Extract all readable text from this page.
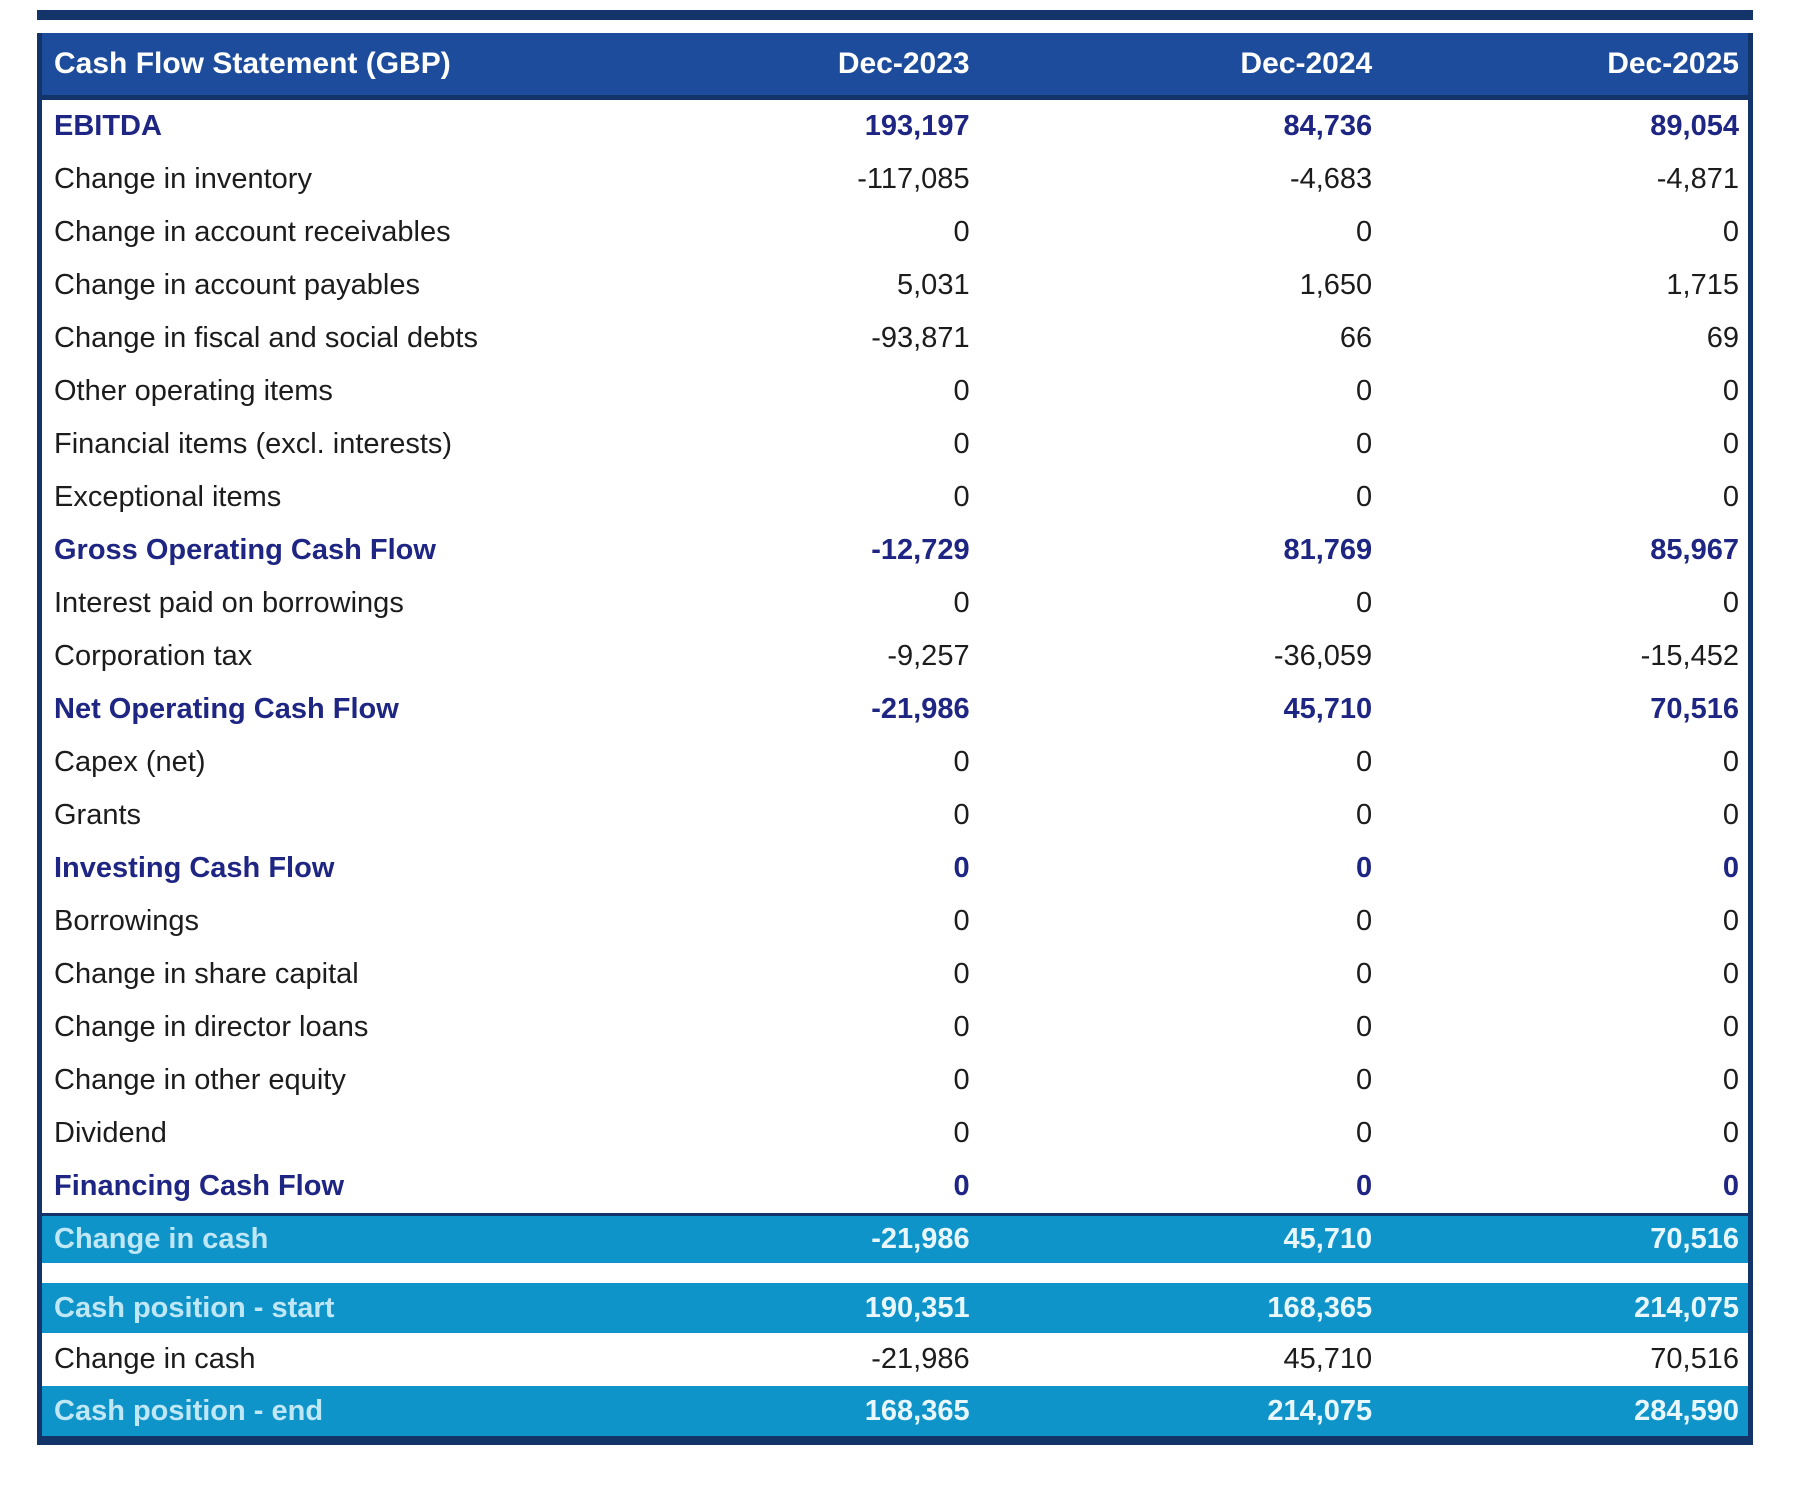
Cash Flow Statement (GBP)	Dec-2023	Dec-2024	Dec-2025
EBITDA	193,197	84,736	89,054
Change in inventory	-117,085	-4,683	-4,871
Change in account receivables	0	0	0
Change in account payables	5,031	1,650	1,715
Change in fiscal and social debts	-93,871	66	69
Other operating items	0	0	0
Financial items (excl. interests)	0	0	0
Exceptional items	0	0	0
Gross Operating Cash Flow	-12,729	81,769	85,967
Interest paid on borrowings	0	0	0
Corporation tax	-9,257	-36,059	-15,452
Net Operating Cash Flow	-21,986	45,710	70,516
Capex (net)	0	0	0
Grants	0	0	0
Investing Cash Flow	0	0	0
Borrowings	0	0	0
Change in share capital	0	0	0
Change in director loans	0	0	0
Change in other equity	0	0	0
Dividend	0	0	0
Financing Cash Flow	0	0	0
Change in cash	-21,986	45,710	70,516
Cash position - start	190,351	168,365	214,075
Change in cash	-21,986	45,710	70,516
Cash position - end	168,365	214,075	284,590
